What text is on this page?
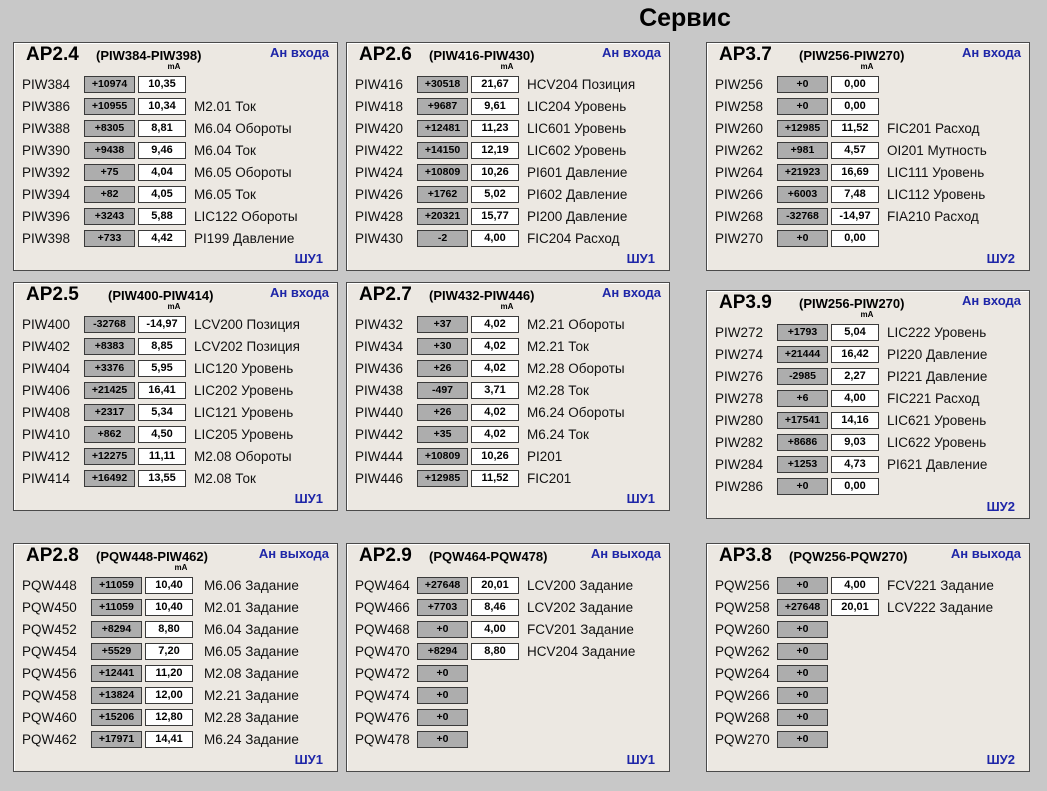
Сервис
AP2.4 (PIW384-PIW398)	Ан входа
mA
PIW384	+10974	10,35
PIW386	+10955	10,34	M2.01 Ток
PIW388	+8305	8,81	M6.04 Обороты
PIW390	+9438	9,46	M6.04 Ток
PIW392	+75	4,04	M6.05 Обороты
PIW394	+82	4,05	M6.05 Ток
PIW396	+3243	5,88	LIC122 Обороты
PIW398	+733	4,42	PI199 Давление
ШУ1
AP2.6 (PIW416-PIW430)	Ан входа
mA
PIW416	+30518	21,67	HCV204 Позиция
PIW418	+9687	9,61	LIC204 Уровень
PIW420	+12481	11,23	LIC601 Уровень
PIW422	+14150	12,19	LIC602 Уровень
PIW424	+10809	10,26	PI601 Давление
PIW426	+1762	5,02	PI602 Давление
PIW428	+20321	15,77	PI200 Давление
PIW430	-2	4,00	FIC204 Расход
ШУ1
AP3.7 (PIW256-PIW270)	Ан входа
mA
PIW256	+0	0,00
PIW258	+0	0,00
PIW260	+12985	11,52	FIC201 Расход
PIW262	+981	4,57	OI201 Мутность
PIW264	+21923	16,69	LIC111 Уровень
PIW266	+6003	7,48	LIC112 Уровень
PIW268	-32768	-14,97	FIA210 Расход
PIW270	+0	0,00
ШУ2
AP2.5 (PIW400-PIW414)	Ан входа
mA
PIW400	-32768	-14,97	LCV200 Позиция
PIW402	+8383	8,85	LCV202 Позиция
PIW404	+3376	5,95	LIC120 Уровень
PIW406	+21425	16,41	LIC202 Уровень
PIW408	+2317	5,34	LIC121 Уровень
PIW410	+862	4,50	LIC205 Уровень
PIW412	+12275	11,11	M2.08 Обороты
PIW414	+16492	13,55	M2.08 Ток
ШУ1
AP2.7 (PIW432-PIW446)	Ан входа
mA
PIW432	+37	4,02	M2.21 Обороты
PIW434	+30	4,02	M2.21 Ток
PIW436	+26	4,02	M2.28 Обороты
PIW438	-497	3,71	M2.28 Ток
PIW440	+26	4,02	M6.24 Обороты
PIW442	+35	4,02	M6.24 Ток
PIW444	+10809	10,26	PI201
PIW446	+12985	11,52	FIC201
ШУ1
AP3.9 (PIW256-PIW270)	Ан входа
mA
PIW272	+1793	5,04	LIC222 Уровень
PIW274	+21444	16,42	PI220 Давление
PIW276	-2985	2,27	PI221 Давление
PIW278	+6	4,00	FIC221 Расход
PIW280	+17541	14,16	LIC621 Уровень
PIW282	+8686	9,03	LIC622 Уровень
PIW284	+1253	4,73	PI621 Давление
PIW286	+0	0,00
ШУ2
AP2.8 (PQW448-PIW462)	Ан выхода
mA
PQW448	+11059	10,40	M6.06 Задание
PQW450	+11059	10,40	M2.01 Задание
PQW452	+8294	8,80	M6.04 Задание
PQW454	+5529	7,20	M6.05 Задание
PQW456	+12441	11,20	M2.08 Задание
PQW458	+13824	12,00	M2.21 Задание
PQW460	+15206	12,80	M2.28 Задание
PQW462	+17971	14,41	M6.24 Задание
ШУ1
AP2.9 (PQW464-PQW478)	Ан выхода
PQW464	+27648	20,01	LCV200 Задание
PQW466	+7703	8,46	LCV202 Задание
PQW468	+0	4,00	FCV201 Задание
PQW470	+8294	8,80	HCV204 Задание
PQW472	+0
PQW474	+0
PQW476	+0
PQW478	+0
ШУ1
AP3.8 (PQW256-PQW270)	Ан выхода
PQW256	+0	4,00	FCV221 Задание
PQW258	+27648	20,01	LCV222 Задание
PQW260	+0
PQW262	+0
PQW264	+0
PQW266	+0
PQW268	+0
PQW270	+0
ШУ2
